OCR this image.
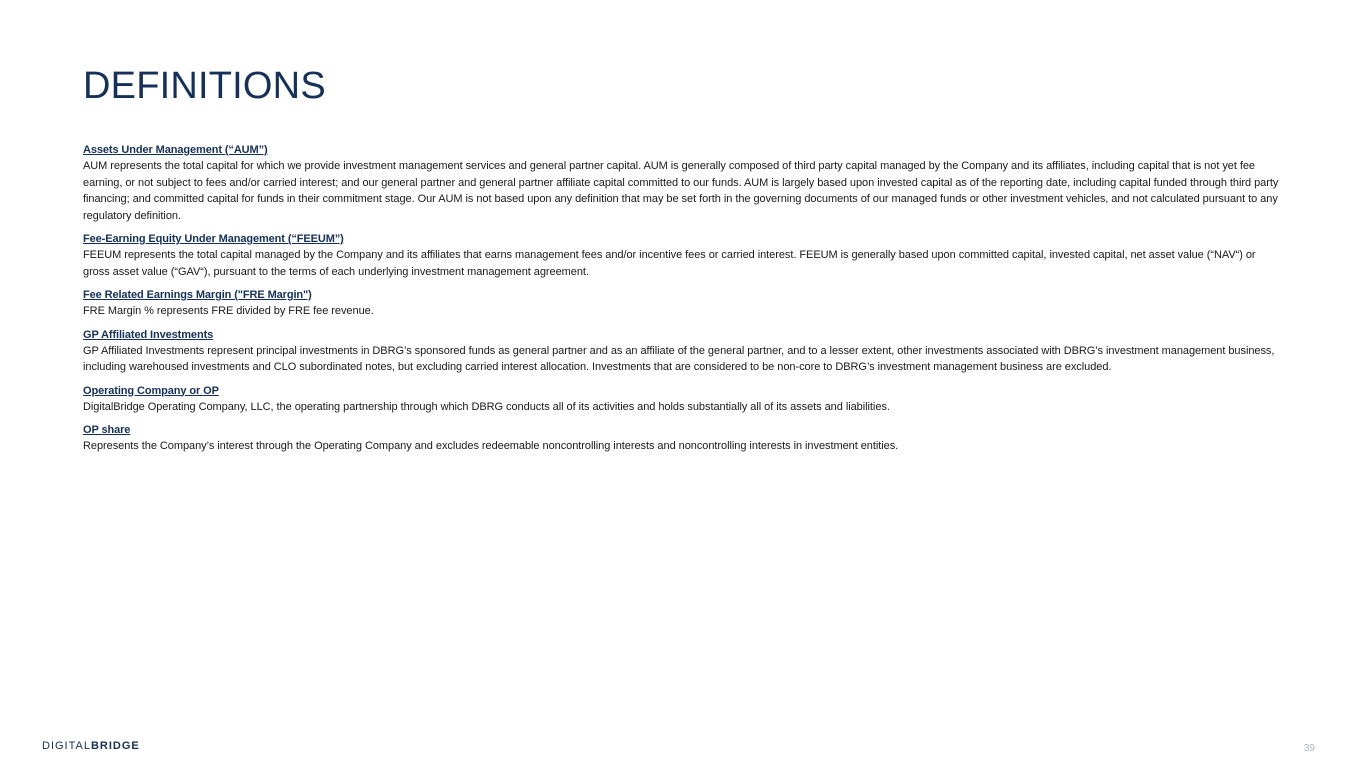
DEFINITIONS
Assets Under Management (“AUM”)
AUM represents the total capital for which we provide investment management services and general partner capital. AUM is generally composed of third party capital managed by the Company and its affiliates, including capital that is not yet fee earning, or not subject to fees and/or carried interest; and our general partner and general partner affiliate capital committed to our funds. AUM is largely based upon invested capital as of the reporting date, including capital funded through third party financing; and committed capital for funds in their commitment stage. Our AUM is not based upon any definition that may be set forth in the governing documents of our managed funds or other investment vehicles, and not calculated pursuant to any regulatory definition.
Fee-Earning Equity Under Management (“FEEUM”)
FEEUM represents the total capital managed by the Company and its affiliates that earns management fees and/or incentive fees or carried interest. FEEUM is generally based upon committed capital, invested capital, net asset value (“NAV“) or gross asset value (“GAV“), pursuant to the terms of each underlying investment management agreement.
Fee Related Earnings Margin ("FRE Margin")
FRE Margin % represents FRE divided by FRE fee revenue.
GP Affiliated Investments
GP Affiliated Investments represent principal investments in DBRG’s sponsored funds as general partner and as an affiliate of the general partner, and to a lesser extent, other investments associated with DBRG’s investment management business, including warehoused investments and CLO subordinated notes, but excluding carried interest allocation. Investments that are considered to be non-core to DBRG’s investment management business are excluded.
Operating Company or OP
DigitalBridge Operating Company, LLC, the operating partnership through which DBRG conducts all of its activities and holds substantially all of its assets and liabilities.
OP share
Represents the Company’s interest through the Operating Company and excludes redeemable noncontrolling interests and noncontrolling interests in investment entities.
DIGITALBRIDGE	39
